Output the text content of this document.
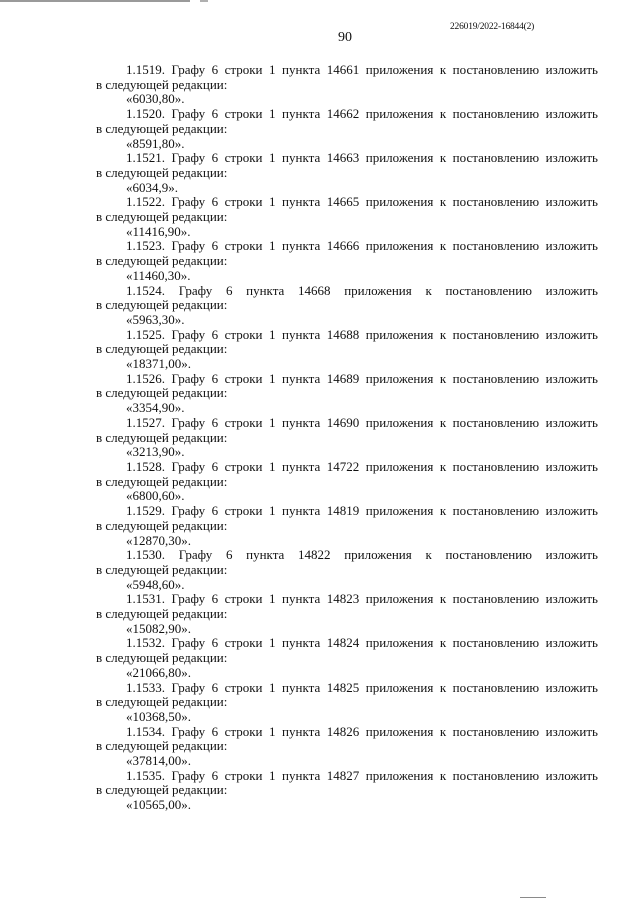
90
226019/2022-16844(2)
1.1519. Графу 6 строки 1 пункта 14661 приложения к постановлению изложить
в следующей редакции:
«6030,80».
1.1520. Графу 6 строки 1 пункта 14662 приложения к постановлению изложить
в следующей редакции:
«8591,80».
1.1521. Графу 6 строки 1 пункта 14663 приложения к постановлению изложить
в следующей редакции:
«6034,9».
1.1522. Графу 6 строки 1 пункта 14665 приложения к постановлению изложить
в следующей редакции:
«11416,90».
1.1523. Графу 6 строки 1 пункта 14666 приложения к постановлению изложить
в следующей редакции:
«11460,30».
1.1524. Графу 6 пункта 14668 приложения к постановлению изложить
в следующей редакции:
«5963,30».
1.1525. Графу 6 строки 1 пункта 14688 приложения к постановлению изложить
в следующей редакции:
«18371,00».
1.1526. Графу 6 строки 1 пункта 14689 приложения к постановлению изложить
в следующей редакции:
«3354,90».
1.1527. Графу 6 строки 1 пункта 14690 приложения к постановлению изложить
в следующей редакции:
«3213,90».
1.1528. Графу 6 строки 1 пункта 14722 приложения к постановлению изложить
в следующей редакции:
«6800,60».
1.1529. Графу 6 строки 1 пункта 14819 приложения к постановлению изложить
в следующей редакции:
«12870,30».
1.1530. Графу 6 пункта 14822 приложения к постановлению изложить
в следующей редакции:
«5948,60».
1.1531. Графу 6 строки 1 пункта 14823 приложения к постановлению изложить
в следующей редакции:
«15082,90».
1.1532. Графу 6 строки 1 пункта 14824 приложения к постановлению изложить
в следующей редакции:
«21066,80».
1.1533. Графу 6 строки 1 пункта 14825 приложения к постановлению изложить
в следующей редакции:
«10368,50».
1.1534. Графу 6 строки 1 пункта 14826 приложения к постановлению изложить
в следующей редакции:
«37814,00».
1.1535. Графу 6 строки 1 пункта 14827 приложения к постановлению изложить
в следующей редакции:
«10565,00».
